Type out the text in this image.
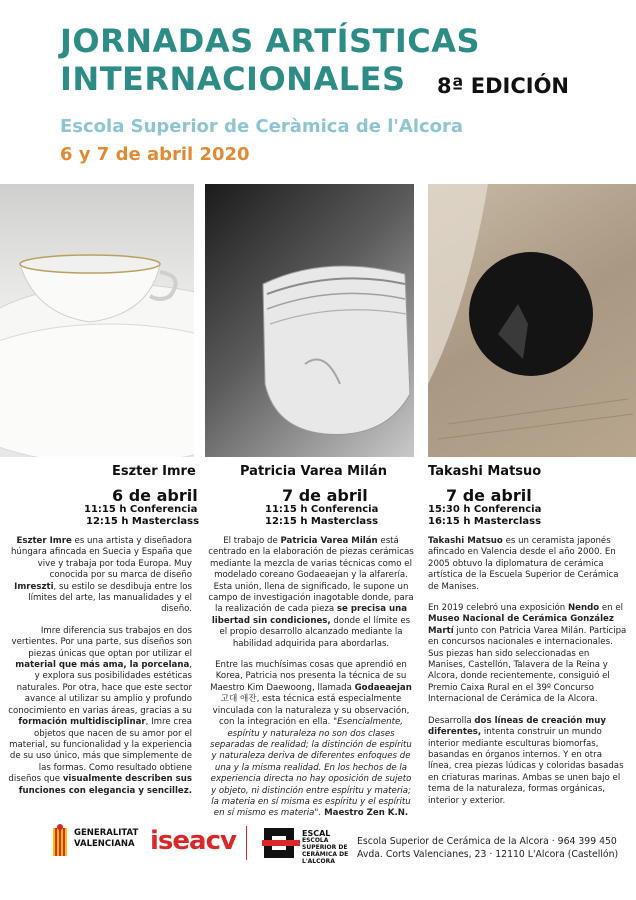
JORNADAS ARTÍSTICAS
INTERNACIONALES 8ª EDICIÓN
Escola Superior de Ceràmica de l'Alcora
6 y 7 de abril 2020
Eszter Imre
6 de abril
11:15 h Conferencia
12:15 h Masterclass
Patricia Varea Milán
7 de abril
11:15 h Conferencia
12:15 h Masterclass
Takashi Matsuo
7 de abril
15:30 h Conferencia
16:15 h Masterclass

Eszter Imre es una artista y diseñadora húngara afincada en Suecia y España que vive y trabaja por toda Europa. Muy conocida por su marca de diseño Imreszti, su estilo se desdibuja entre los límites del arte, las manualidades y el diseño.

Imre diferencia sus trabajos en dos vertientes. Por una parte, sus diseños son piezas únicas que optan por utilizar el material que más ama, la porcelana, y explora sus posibilidades estéticas naturales. Por otra, hace que este sector avance al utilizar su amplio y profundo conocimiento en varias áreas, gracias a su formación multidisciplinar, Imre crea objetos que nacen de su amor por el material, su funcionalidad y la experiencia de su uso único, más que simplemente de las formas. Como resultado obtiene diseños que visualmente describen sus funciones con elegancia y sencillez.

El trabajo de Patricia Varea Milán está centrado en la elaboración de piezas cerámicas mediante la mezcla de varias técnicas como el modelado coreano Godaeaejan y la alfarería. Esta unión, llena de significado, le supone un campo de investigación inagotable donde, para la realización de cada pieza se precisa una libertad sin condiciones, donde el límite es el propio desarrollo alcanzado mediante la habilidad adquirida para abordarlas.

Entre las muchísimas cosas que aprendió en Korea, Patricia nos presenta la técnica de su Maestro Kim Daewoong, llamada Godaeaejan 고대 애잔, esta técnica está especialmente vinculada con la naturaleza y su observación, con la integración en ella. "Esencialmente, espíritu y naturaleza no son dos clases separadas de realidad; la distinción de espíritu y naturaleza deriva de diferentes enfoques de una y la misma realidad. En los hechos de la experiencia directa no hay oposición de sujeto y objeto, ni distinción entre espíritu y materia; la materia en sí misma es espíritu y el espíritu en sí mismo es materia". Maestro Zen K.N.

Takashi Matsuo es un ceramista japonés afincado en Valencia desde el año 2000. En 2005 obtuvo la diplomatura de cerámica artística de la Escuela Superior de Cerámica de Manises.

En 2019 celebró una exposición Nendo en el Museo Nacional de Cerámica González Martí junto con Patricia Varea Milán. Participa en concursos nacionales e internacionales. Sus piezas han sido seleccionadas en Manises, Castellón, Talavera de la Reina y Alcora, donde recientemente, consiguió el Premio Caixa Rural en el 39º Concurso Internacional de Cerámica de la Alcora.

Desarrolla dos líneas de creación muy diferentes, intenta construir un mundo interior mediante esculturas biomorfas, basandas en órganos internos. Y en otra línea, crea piezas lúdicas y coloridas basadas en criaturas marinas. Ambas se unen bajo el tema de la naturaleza, formas orgánicas, interior y exterior.

GENERALITAT
VALENCIANA iseacv	ESCAL
ESCOLA SUPERIOR DE CERÀMICA DE L'ALCORA
Escola Superior de Cerámica de la Alcora · 964 399 450
Avda. Corts Valencianes, 23 · 12110 L'Alcora (Castellón)
